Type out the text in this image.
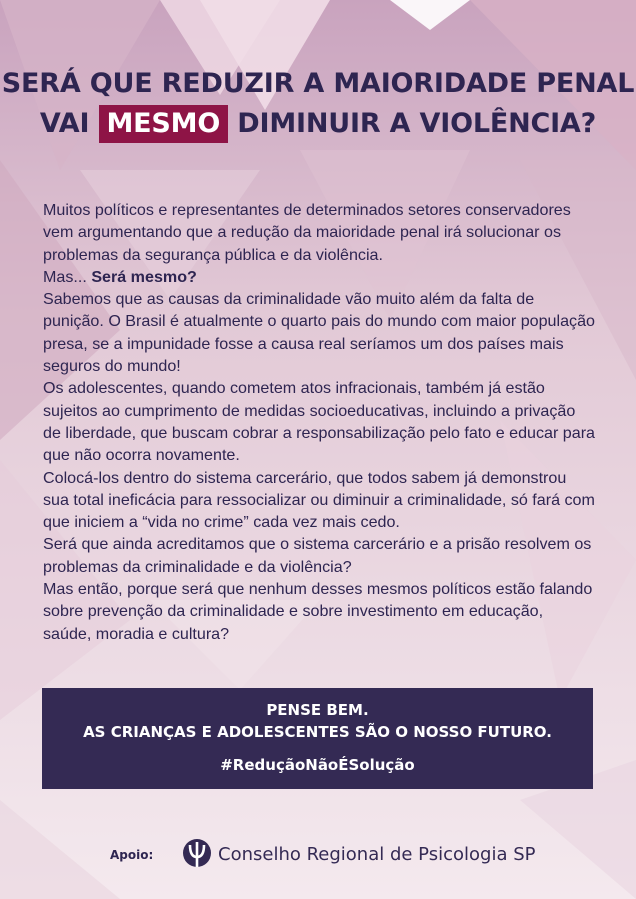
SERÁ QUE REDUZIR A MAIORIDADE PENAL
VAI MESMO DIMINUIR A VIOLÊNCIA?

Muitos políticos e representantes de determinados setores conservadores vem argumentando que a redução da maioridade penal irá solucionar os problemas da segurança pública e da violência.

Mas... Será mesmo?

Sabemos que as causas da criminalidade vão muito além da falta de punição. O Brasil é atualmente o quarto pais do mundo com maior população presa, se a impunidade fosse a causa real seríamos um dos países mais seguros do mundo!

Os adolescentes, quando cometem atos infracionais, também já estão sujeitos ao cumprimento de medidas socioeducativas, incluindo a privação de liberdade, que buscam cobrar a responsabilização pelo fato e educar para que não ocorra novamente.

Colocá-los dentro do sistema carcerário, que todos sabem já demonstrou sua total ineficácia para ressocializar ou diminuir a criminalidade, só fará com que iniciem a “vida no crime” cada vez mais cedo.

Será que ainda acreditamos que o sistema carcerário e a prisão resolvem os problemas da criminalidade e da violência?

Mas então, porque será que nenhum desses mesmos políticos estão falando sobre prevenção da criminalidade e sobre investimento em educação, saúde, moradia e cultura?

PENSE BEM.
AS CRIANÇAS E ADOLESCENTES SÃO O NOSSO FUTURO.
#ReduçãoNãoÉSolução
Apoio:	Conselho Regional de Psicologia SP
